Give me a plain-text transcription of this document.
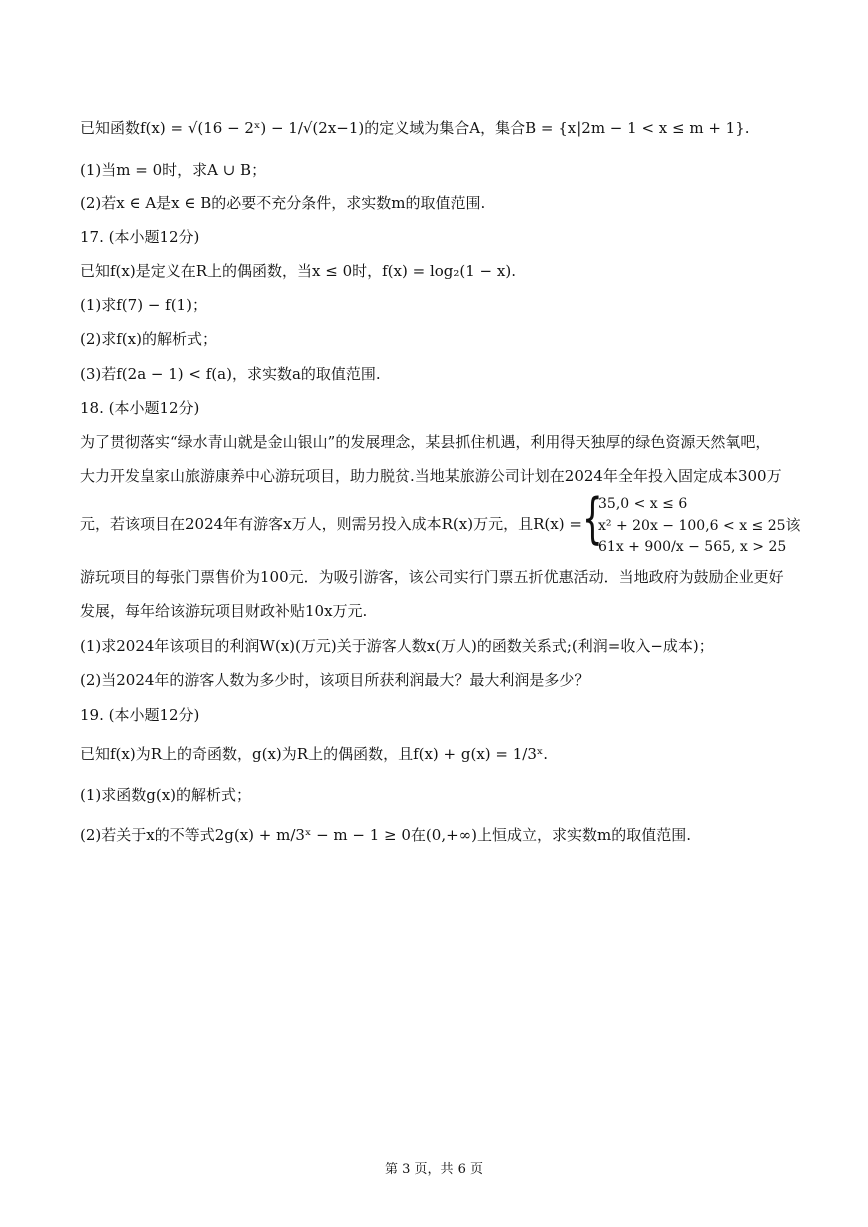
已知函数f(x) = √(16 − 2ˣ) − 1/√(2x−1)的定义域为集合A，集合B = {x|2m − 1 < x ≤ m + 1}.
(1)当m = 0时，求A ∪ B；
(2)若x ∈ A是x ∈ B的必要不充分条件，求实数m的取值范围.
17. (本小题12分)
已知f(x)是定义在R上的偶函数，当x ≤ 0时，f(x) = log₂(1 − x).
(1)求f(7) − f(1)；
(2)求f(x)的解析式；
(3)若f(2a − 1) < f(a)，求实数a的取值范围.
18. (本小题12分)
为了贯彻落实“绿水青山就是金山银山”的发展理念，某县抓住机遇，利用得天独厚的绿色资源天然氧吧，
大力开发皇家山旅游康养中心游玩项目，助力脱贫.当地某旅游公司计划在2024年全年投入固定成本300万
元，若该项目在2024年有游客x万人，则需另投入成本R(x)万元，且R(x) = {
35,0 < x ≤ 6
x² + 20x − 100,6 < x ≤ 25该
61x + 900/x − 565, x > 25
游玩项目的每张门票售价为100元．为吸引游客，该公司实行门票五折优惠活动．当地政府为鼓励企业更好
发展，每年给该游玩项目财政补贴10x万元.
(1)求2024年该项目的利润W(x)(万元)关于游客人数x(万人)的函数关系式;(利润=收入−成本)；
(2)当2024年的游客人数为多少时，该项目所获利润最大？最大利润是多少？
19. (本小题12分)
已知f(x)为R上的奇函数，g(x)为R上的偶函数，且f(x) + g(x) = 1/3ˣ.
(1)求函数g(x)的解析式；
(2)若关于x的不等式2g(x) + m/3ˣ − m − 1 ≥ 0在(0,+∞)上恒成立，求实数m的取值范围.
第 3 页，共 6 页
